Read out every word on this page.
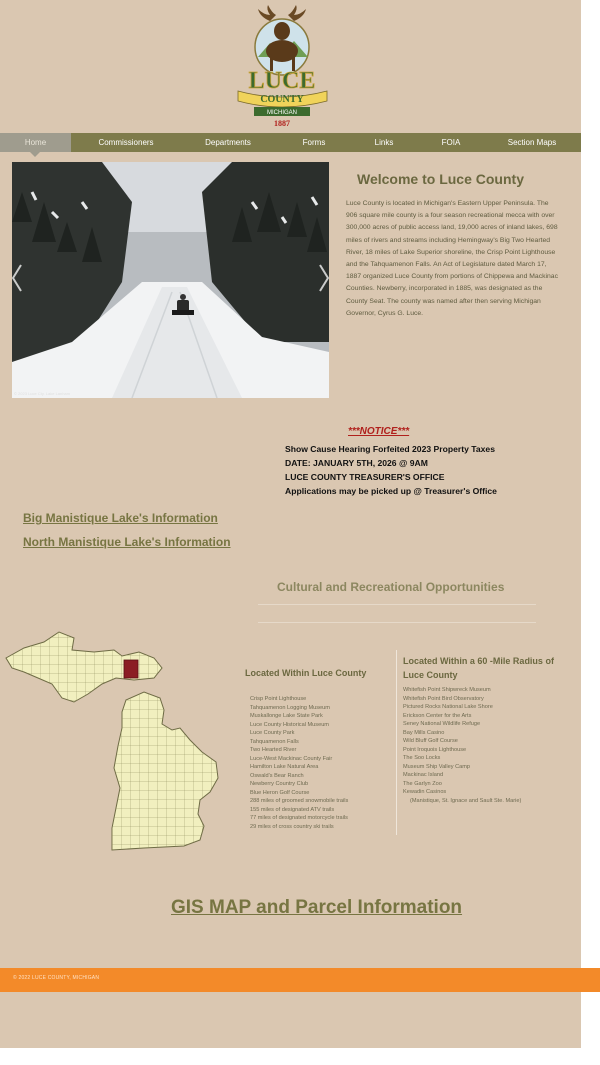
LUCE
COUNTY
MICHIGAN
1887
Home	Commissioners	Departments	Forms	Links	FOIA	Section Maps
© 2023 Luce Cty. Lake Lanham
Welcome to Luce County

Luce County is located in Michigan's Eastern Upper Peninsula. The 906 square mile county is a four season recreational mecca with over 300,000 acres of public access land, 19,000 acres of inland lakes, 698 miles of rivers and streams including Hemingway's Big Two Hearted River, 18 miles of Lake Superior shoreline, the Crisp Point Lighthouse and the Tahquamenon Falls. An Act of Legislature dated March 17, 1887 organized Luce County from portions of Chippewa and Mackinac Counties. Newberry, incorporated in 1885, was designated as the County Seat. The county was named after then serving Michigan Governor, Cyrus G. Luce.

***NOTICE***
Show Cause Hearing Forfeited 2023 Property Taxes
DATE: JANUARY 5TH, 2026 @ 9AM
LUCE COUNTY TREASURER'S OFFICE
Applications may be picked up @ Treasurer's Office
Big Manistique Lake's Information
North Manistique Lake's Information
Cultural and Recreational Opportunities
Located Within Luce County
Crisp Point Lighthouse
Tahquamenon Logging Museum
Muskallonge Lake State Park
Luce County Historical Museum
Luce County Park
Tahquamenon Falls
Two Hearted River
Luce-West Mackinac County Fair
Hamilton Lake Natural Area
Oswald's Bear Ranch
Newberry Country Club
Blue Heron Golf Course
288 miles of groomed snowmobile trails
155 miles of designated ATV trails
77 miles of designated motorcycle trails
29 miles of cross country ski trails
Located Within a 60 -Mile Radius of Luce County
Whitefish Point Shipwreck Museum
Whitefish Point Bird Observatory
Pictured Rocks National Lake Shore
Erickson Center for the Arts
Seney National Wildlife Refuge
Bay Mills Casino
Wild Bluff Golf Course
Point Iroquois Lighthouse
The Soo Locks
Museum Ship Valley Camp
Mackinac Island
The Garlyn Zoo
Kewadin Casinos
(Manistique, St. Ignace and Sault Ste. Marie)
GIS MAP and Parcel Information
© 2022 LUCE COUNTY, MICHIGAN
